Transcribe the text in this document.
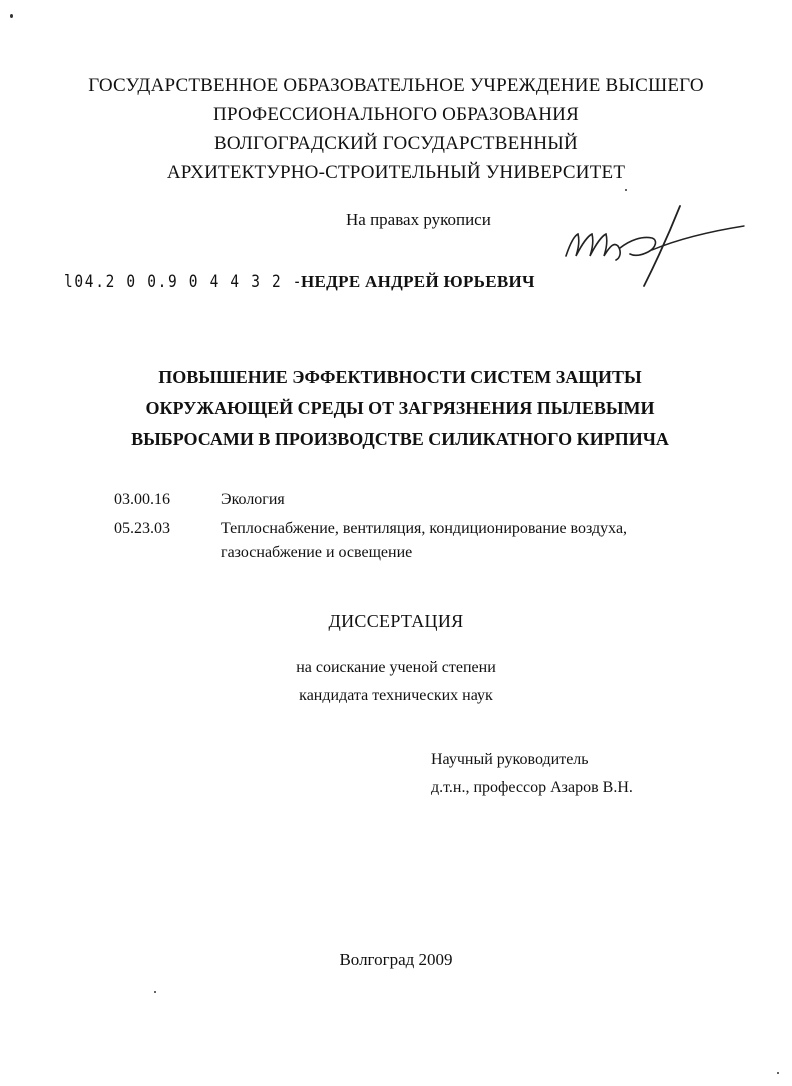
ГОСУДАРСТВЕННОЕ ОБРАЗОВАТЕЛЬНОЕ УЧРЕЖДЕНИЕ ВЫСШЕГО
ПРОФЕССИОНАЛЬНОГО ОБРАЗОВАНИЯ
ВОЛГОГРАДСКИЙ ГОСУДАРСТВЕННЫЙ
АРХИТЕКТУРНО-СТРОИТЕЛЬНЫЙ УНИВЕРСИТЕТ
На правах рукописи
l04.2 0 0.9 0 4 4 3 2 -
НЕДРЕ АНДРЕЙ ЮРЬЕВИЧ
ПОВЫШЕНИЕ ЭФФЕКТИВНОСТИ СИСТЕМ ЗАЩИТЫ
ОКРУЖАЮЩЕЙ СРЕДЫ ОТ ЗАГРЯЗНЕНИЯ ПЫЛЕВЫМИ
ВЫБРОСАМИ В ПРОИЗВОДСТВЕ СИЛИКАТНОГО КИРПИЧА
03.00.16	Экология
05.23.03	Теплоснабжение, вентиляция, кондиционирование воздуха,
газоснабжение и освещение
ДИССЕРТАЦИЯ
на соискание ученой степени
кандидата технических наук
Научный руководитель
д.т.н., профессор Азаров В.Н.
Волгоград 2009
